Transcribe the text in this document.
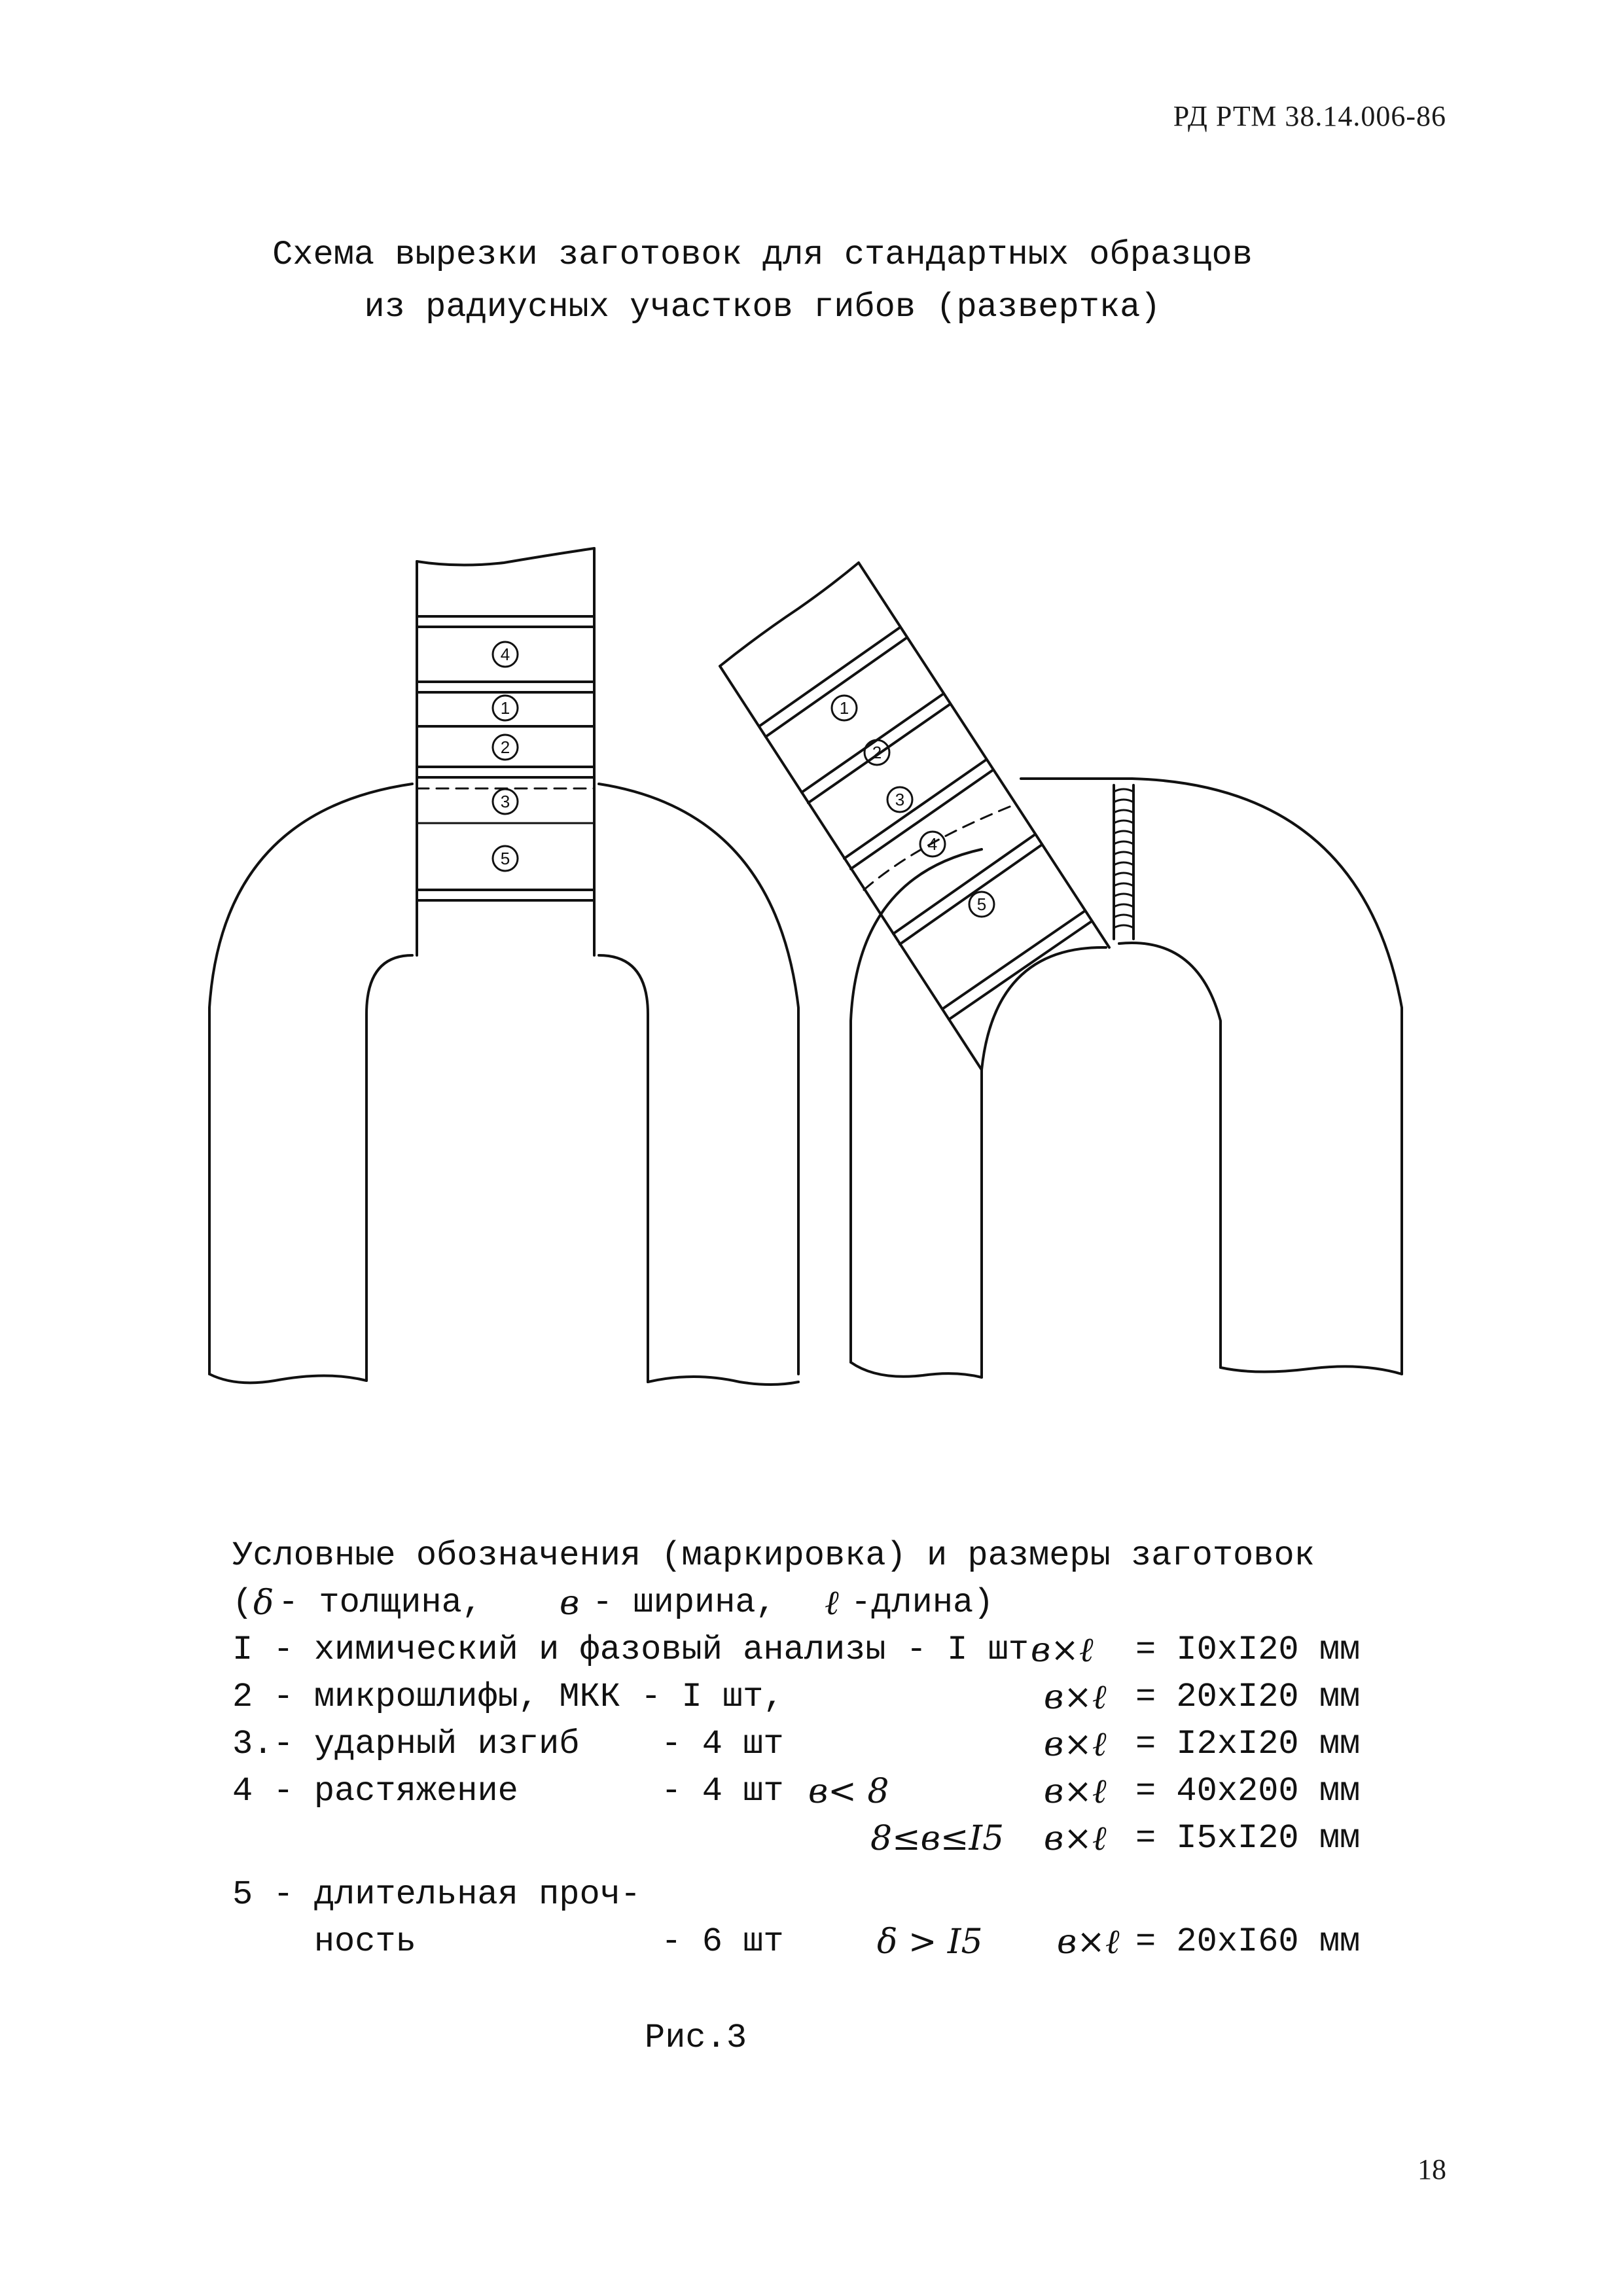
РД РТМ 38.14.006-86
Схема вырезки заготовок для стандартных образцов
из радиусных участков гибов (развертка)
4
1
2
3
5
1
2
3
4
5
Условные обозначения (маркировка) и размеры заготовок
( δ - толщина, в - ширина, ℓ -длина)
I - химический и фазовый анализы - I шт в×ℓ = I0xI20 мм
2 - микрошлифы, МКК - I шт,	в×ℓ = 20xI20 мм
3.- ударный изгиб    - 4 шт	в×ℓ = I2xI20 мм
4 - растяжение       - 4 шт в< 8	в×ℓ = 40x200 мм
8≤в≤I5 в×ℓ = I5xI20 мм
5 - длительная проч-
ность            - 6 шт	δ > I5 в×ℓ = 20xI60 мм
Рис.3
18
